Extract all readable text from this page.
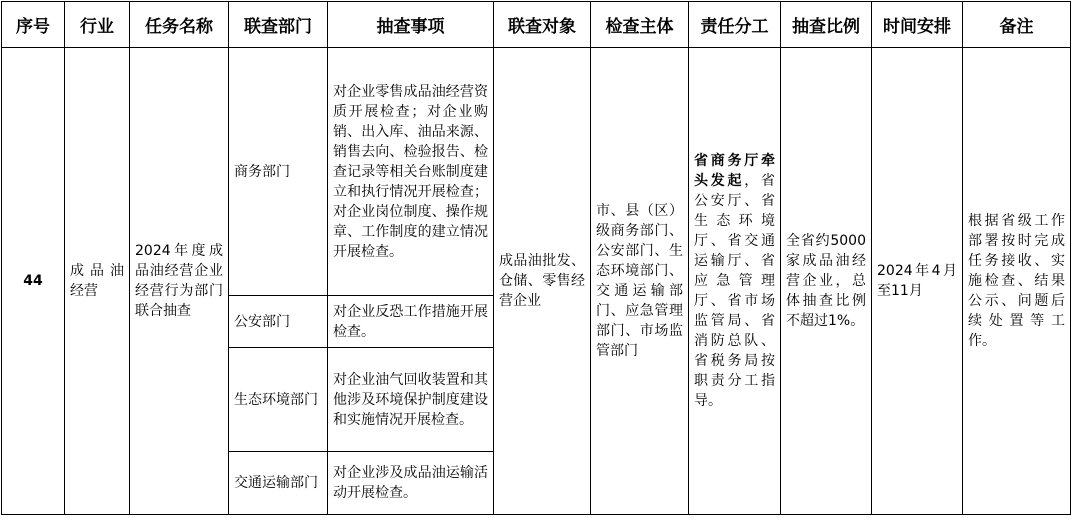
序号	行业	任务名称	联查部门	抽查事项	联查对象	检查主体	责任分工	抽查比例	时间安排	备注
44	成品油经营	2024年度成品油经营企业经营行为部门联合抽查	商务部门	对企业零售成品油经营资质开展检查；对企业购销、出入库、油品来源、销售去向、检验报告、检查记录等相关台账制度建立和执行情况开展检查；对企业岗位制度、操作规章、工作制度的建立情况开展检查。	成品油批发、仓储、零售经营企业	市、县（区）级商务部门、公安部门、生态环境部门、交通运输部门、应急管理部门、市场监管部门	省商务厅牵头发起，省公安厅、省生态环境厅、省交通运输厅、省应急管理厅、省市场监管局、省消防总队、省税务局按职责分工指导。	全省约5000家成品油经营企业，总体抽查比例不超过1%。	2024年4月至11月	根据省级工作部署按时完成任务接收、实施检查、结果公示、问题后续处置等工作。
			公安部门	对企业反恐工作措施开展检查。						
			生态环境部门	对企业油气回收装置和其他涉及环境保护制度建设和实施情况开展检查。						
			交通运输部门	对企业涉及成品油运输活动开展检查。						
